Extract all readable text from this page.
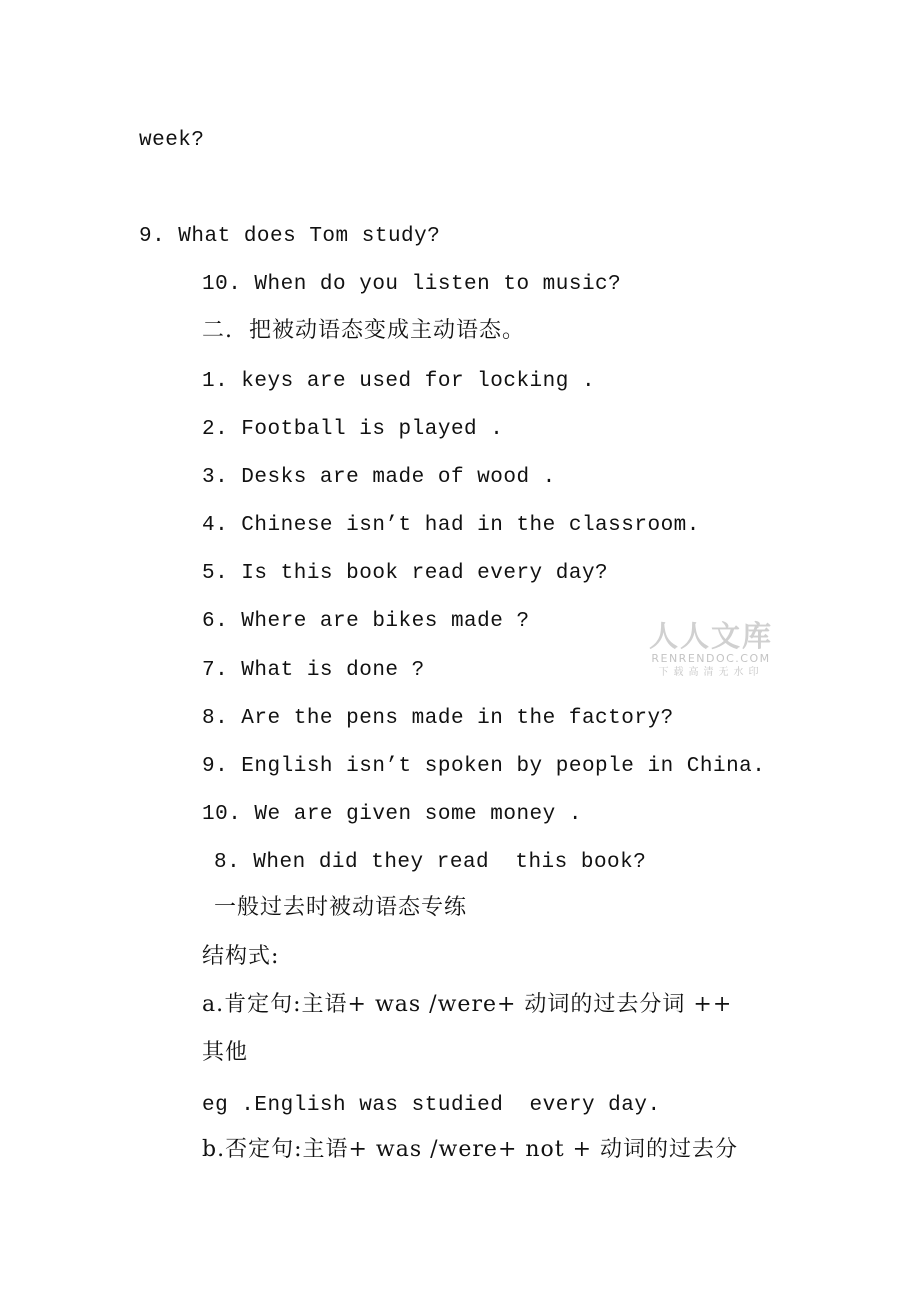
week?
9. What does Tom study?
10. When do you listen to music?
二.  把被动语态变成主动语态。
1. keys are used for locking .
2. Football is played .
3. Desks are made of wood .
4. Chinese isn’t had in the classroom.
5. Is this book read every day?
6. Where are bikes made ?
7. What is done ?
8. Are the pens made in the factory?
9. English isn’t spoken by people in China.
10. We are given some money .
8. When did they read  this book?
一般过去时被动语态专练
结构式:
a.肯定句:主语+ was /were+ 动词的过去分词 ++
其他
eg .English was studied  every day.
b.否定句:主语+ was /were+ not + 动词的过去分
人人文库
RENRENDOC.COM
下载高清无水印
